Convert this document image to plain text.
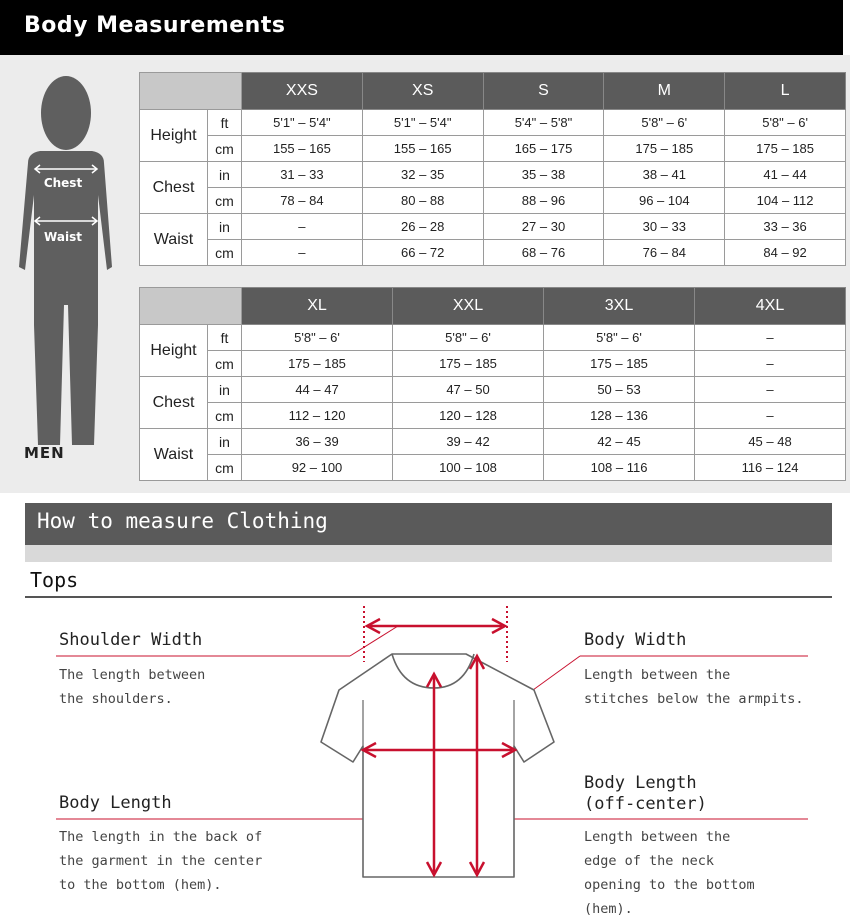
Body Measurements
Chest
Waist
MEN
		XXS	XS	S	M	L
Height	ft	5'1" – 5'4"	5'1" – 5'4"	5'4" – 5'8"	5'8" – 6'	5'8" – 6'
	cm	155 – 165	155 – 165	165 – 175	175 – 185	175 – 185
Chest	in	31 – 33	32 – 35	35 – 38	38 – 41	41 – 44
	cm	78 – 84	80 – 88	88 – 96	96 – 104	104 – 112
Waist	in	–	26 – 28	27 – 30	30 – 33	33 – 36
	cm	–	66 – 72	68 – 76	76 – 84	84 – 92
		XL	XXL	3XL	4XL
Height	ft	5'8" – 6'	5'8" – 6'	5'8" – 6'	–
	cm	175 – 185	175 – 185	175 – 185	–
Chest	in	44 – 47	47 – 50	50 – 53	–
	cm	112 – 120	120 – 128	128 – 136	–
Waist	in	36 – 39	39 – 42	42 – 45	45 – 48
	cm	92 – 100	100 – 108	108 – 116	116 – 124
How to measure Clothing
Tops
Shoulder Width
The length between
the shoulders.
Body Width
Length between the
stitches below the armpits.
Body Length
The length in the back of
the garment in the center
to the bottom (hem).
Body Length
(off-center)
Length between the
edge of the neck
opening to the bottom
(hem).
